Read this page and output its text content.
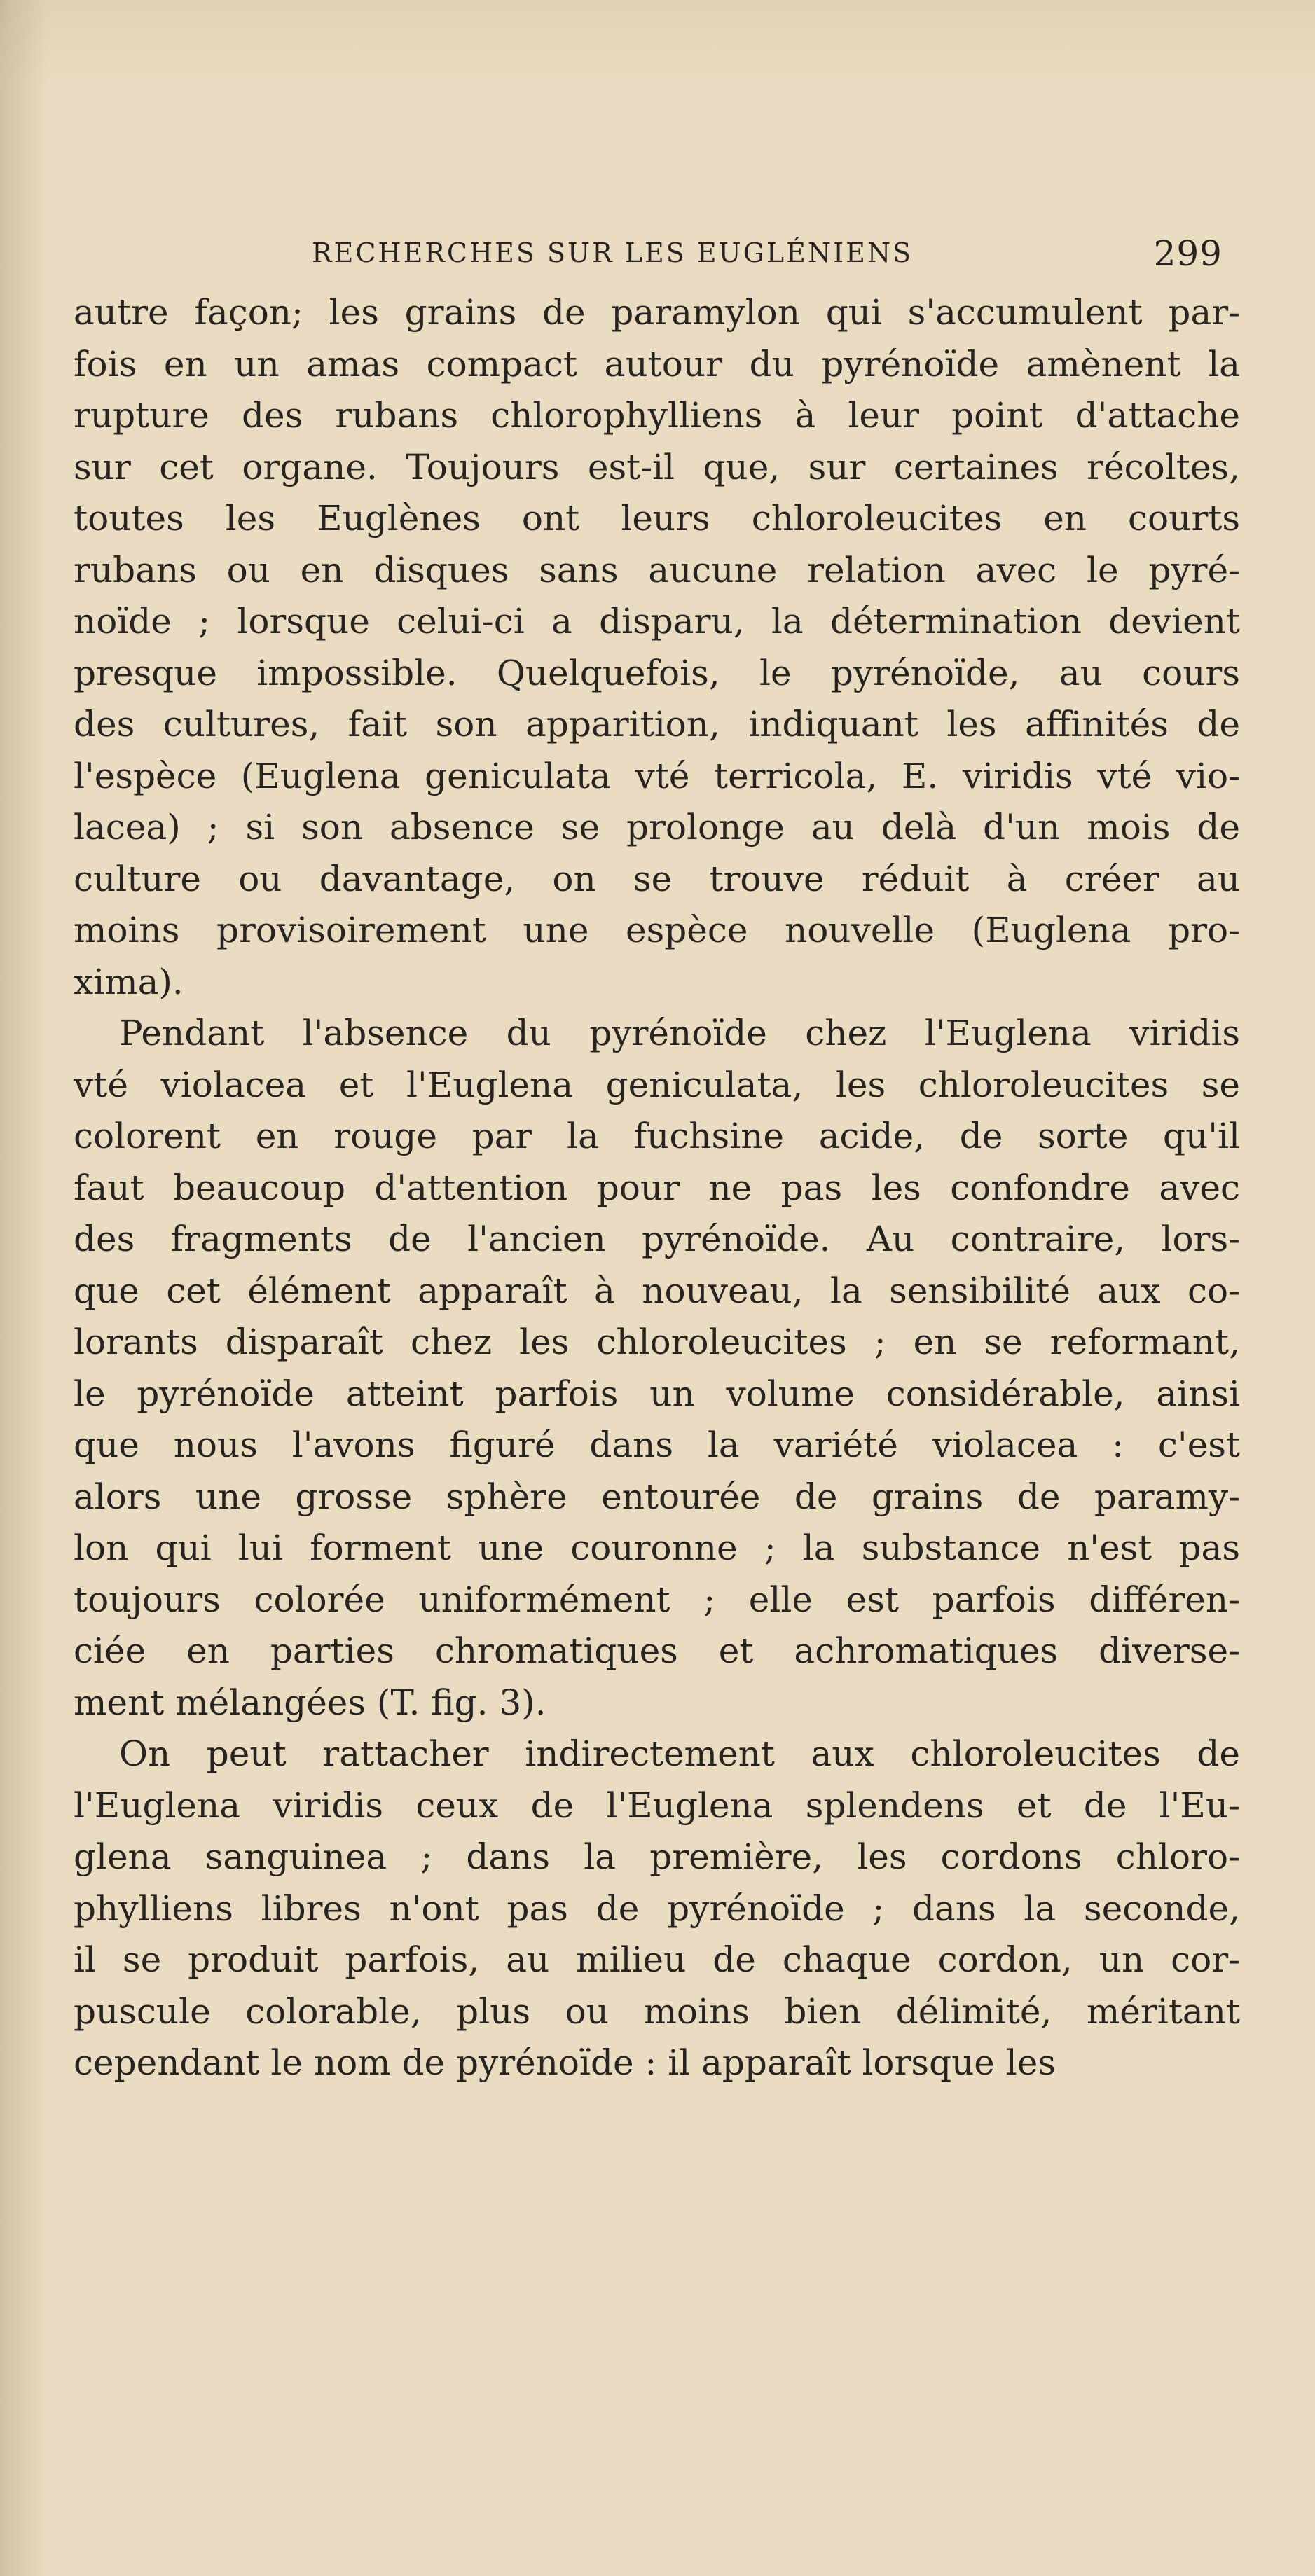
RECHERCHES SUR LES EUGLÉNIENS	299
autre façon; les grains de paramylon qui s'accumulent par-
fois en un amas compact autour du pyrénoïde amènent la
rupture des rubans chlorophylliens à leur point d'attache
sur cet organe. Toujours est-il que, sur certaines récoltes,
toutes les Euglènes ont leurs chloroleucites en courts
rubans ou en disques sans aucune relation avec le pyré-
noïde ; lorsque celui-ci a disparu, la détermination devient
presque impossible. Quelquefois, le pyrénoïde, au cours
des cultures, fait son apparition, indiquant les affinités de
l'espèce (Euglena geniculata vté terricola, E. viridis vté vio-
lacea) ; si son absence se prolonge au delà d'un mois de
culture ou davantage, on se trouve réduit à créer au
moins provisoirement une espèce nouvelle (Euglena pro-
xima).
Pendant l'absence du pyrénoïde chez l'Euglena viridis
vté violacea et l'Euglena geniculata, les chloroleucites se
colorent en rouge par la fuchsine acide, de sorte qu'il
faut beaucoup d'attention pour ne pas les confondre avec
des fragments de l'ancien pyrénoïde. Au contraire, lors-
que cet élément apparaît à nouveau, la sensibilité aux co-
lorants disparaît chez les chloroleucites ; en se reformant,
le pyrénoïde atteint parfois un volume considérable, ainsi
que nous l'avons figuré dans la variété violacea : c'est
alors une grosse sphère entourée de grains de paramy-
lon qui lui forment une couronne ; la substance n'est pas
toujours colorée uniformément ; elle est parfois différen-
ciée en parties chromatiques et achromatiques diverse-
ment mélangées (T. fig. 3).
On peut rattacher indirectement aux chloroleucites de
l'Euglena viridis ceux de l'Euglena splendens et de l'Eu-
glena sanguinea ; dans la première, les cordons chloro-
phylliens libres n'ont pas de pyrénoïde ; dans la seconde,
il se produit parfois, au milieu de chaque cordon, un cor-
puscule colorable, plus ou moins bien délimité, méritant
cependant le nom de pyrénoïde : il apparaît lorsque les
